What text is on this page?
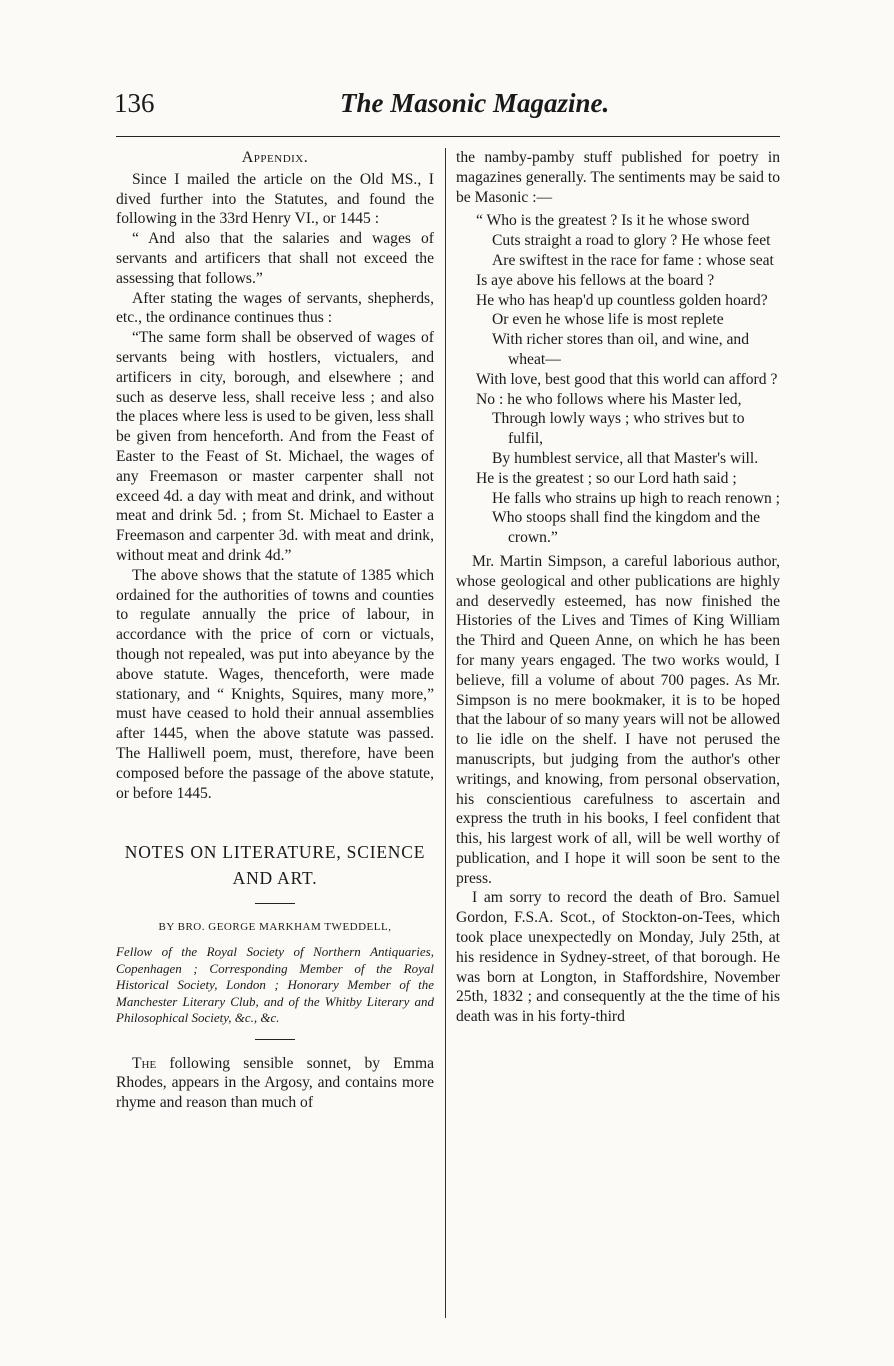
136	The Masonic Magazine.
Appendix.

Since I mailed the article on the Old MS., I dived further into the Statutes, and found the following in the 33rd Henry VI., or 1445 :

“ And also that the salaries and wages of servants and artificers that shall not exceed the assessing that follows.”

After stating the wages of servants, shepherds, etc., the ordinance continues thus :

“The same form shall be observed of wages of servants being with hostlers, victualers, and artificers in city, borough, and elsewhere ; and such as deserve less, shall receive less ; and also the places where less is used to be given, less shall be given from henceforth. And from the Feast of Easter to the Feast of St. Michael, the wages of any Freemason or master carpenter shall not exceed 4d. a day with meat and drink, and without meat and drink 5d. ; from St. Michael to Easter a Freemason and carpenter 3d. with meat and drink, without meat and drink 4d.”

The above shows that the statute of 1385 which ordained for the authorities of towns and counties to regulate annually the price of labour, in accordance with the price of corn or victuals, though not repealed, was put into abeyance by the above statute. Wages, thenceforth, were made stationary, and “ Knights, Squires, many more,” must have ceased to hold their annual assemblies after 1445, when the above statute was passed. The Halliwell poem, must, therefore, have been composed before the passage of the above statute, or before 1445.

NOTES ON LITERATURE, SCIENCE
AND ART.
BY BRO. GEORGE MARKHAM TWEDDELL,

Fellow of the Royal Society of Northern Antiquaries, Copenhagen ; Corresponding Member of the Royal Historical Society, London ; Honorary Member of the Manchester Literary Club, and of the Whitby Literary and Philosophical Society, &c., &c.

The following sensible sonnet, by Emma Rhodes, appears in the Argosy, and contains more rhyme and reason than much of

the namby-pamby stuff published for poetry in magazines generally. The sentiments may be said to be Masonic :—

“ Who is the greatest ? Is it he whose sword
Cuts straight a road to glory ? He whose feet
Are swiftest in the race for fame : whose seat
Is aye above his fellows at the board ?
He who has heap'd up countless golden hoard?
Or even he whose life is most replete
With richer stores than oil, and wine, and wheat—
With love, best good that this world can afford ?
No : he who follows where his Master led,
Through lowly ways ; who strives but to fulfil,
By humblest service, all that Master's will.
He is the greatest ; so our Lord hath said ;
He falls who strains up high to reach renown ;
Who stoops shall find the kingdom and the crown.”

Mr. Martin Simpson, a careful laborious author, whose geological and other publications are highly and deservedly esteemed, has now finished the Histories of the Lives and Times of King William the Third and Queen Anne, on which he has been for many years engaged. The two works would, I believe, fill a volume of about 700 pages. As Mr. Simpson is no mere bookmaker, it is to be hoped that the labour of so many years will not be allowed to lie idle on the shelf. I have not perused the manuscripts, but judging from the author's other writings, and knowing, from personal observation, his conscientious carefulness to ascertain and express the truth in his books, I feel confident that this, his largest work of all, will be well worthy of publication, and I hope it will soon be sent to the press.

I am sorry to record the death of Bro. Samuel Gordon, F.S.A. Scot., of Stockton-on-Tees, which took place unexpectedly on Monday, July 25th, at his residence in Sydney-street, of that borough. He was born at Longton, in Staffordshire, November 25th, 1832 ; and consequently at the the time of his death was in his forty-third
